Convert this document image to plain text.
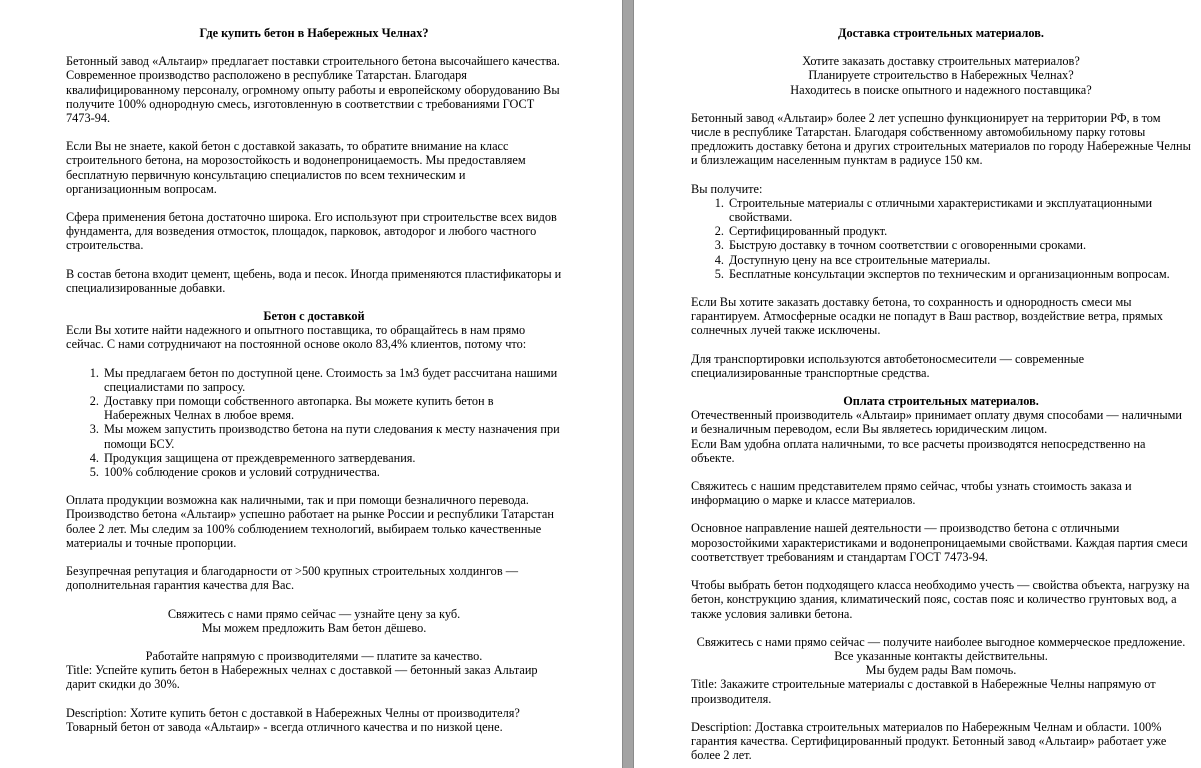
Где купить бетон в Набережных Челнах?

Бетонный завод «Альтаир» предлагает поставки строительного бетона высочайшего качества. Современное производство расположено в республике Татарстан. Благодаря квалифицированному персоналу, огромному опыту работы и европейскому оборудованию Вы получите 100% однородную смесь, изготовленную в соответствии с требованиями ГОСТ 7473-94.

Если Вы не знаете, какой бетон с доставкой заказать, то обратите внимание на класс строительного бетона, на морозостойкость и водонепроницаемость. Мы предоставляем бесплатную первичную консультацию специалистов по всем техническим и организационным вопросам.

Сфера применения бетона достаточно широка. Его используют при строительстве всех видов фундамента, для возведения отмосток, площадок, парковок, автодорог и любого частного строительства.

В состав бетона входит цемент, щебень, вода и песок. Иногда применяются пластификаторы и специализированные добавки.

Бетон с доставкой

Если Вы хотите найти надежного и опытного поставщика, то обращайтесь в нам прямо сейчас. С нами сотрудничают на постоянной основе около 83,4% клиентов, потому что:

1. Мы предлагаем бетон по доступной цене. Стоимость за 1м3 будет рассчитана нашими специалистами по запросу.
2. Доставку при помощи собственного автопарка. Вы можете купить бетон в Набережных Челнах в любое время.
3. Мы можем запустить производство бетона на пути следования к месту назначения при помощи БСУ.
4. Продукция защищена от преждевременного затвердевания.
5. 100% соблюдение сроков и условий сотрудничества.

Оплата продукции возможна как наличными, так и при помощи безналичного перевода. Производство бетона «Альтаир» успешно работает на рынке России и республики Татарстан более 2 лет. Мы следим за 100% соблюдением технологий, выбираем только качественные материалы и точные пропорции.

Безупречная репутация и благодарности от >500 крупных строительных холдингов — дополнительная гарантия качества для Вас.

Свяжитесь с нами прямо сейчас — узнайте цену за куб.

Мы можем предложить Вам бетон дёшево.

Работайте напрямую с производителями — платите за качество.

Title: Успейте купить бетон в Набережных челнах с доставкой — бетонный заказ Альтаир дарит скидки до 30%.

Description: Хотите купить бетон с доставкой в Набережных Челны от производителя? Товарный бетон от завода «Альтаир» - всегда отличного качества и по низкой цене.

Доставка строительных материалов.

Хотите заказать доставку строительных материалов?

Планируете строительство в Набережных Челнах?

Находитесь в поиске опытного и надежного поставщика?

Бетонный завод «Альтаир» более 2 лет успешно функционирует на территории РФ, в том числе в республике Татарстан. Благодаря собственному автомобильному парку готовы предложить доставку бетона и других строительных материалов по городу Набережные Челны и близлежащим населенным пунктам в радиусе 150 км.

Вы получите:

1. Строительные материалы с отличными характеристиками и эксплуатационными свойствами.
2. Сертифицированный продукт.
3. Быструю доставку в точном соответствии с оговоренными сроками.
4. Доступную цену на все строительные материалы.
5. Бесплатные консультации экспертов по техническим и организационным вопросам.

Если Вы хотите заказать доставку бетона, то сохранность и однородность смеси мы гарантируем. Атмосферные осадки не попадут в Ваш раствор, воздействие ветра, прямых солнечных лучей также исключены.

Для транспортировки используются автобетоносмесители — современные специализированные транспортные средства.

Оплата строительных материалов.

Отечественный производитель «Альтаир» принимает оплату двумя способами — наличными и безналичным переводом, если Вы являетесь юридическим лицом.

Если Вам удобна оплата наличными, то все расчеты производятся непосредственно на объекте.

Свяжитесь с нашим представителем прямо сейчас, чтобы узнать стоимость заказа и информацию о марке и классе материалов.

Основное направление нашей деятельности — производство бетона с отличными морозостойкими характеристиками и водонепроницаемыми свойствами. Каждая партия смеси соответствует требованиям и стандартам ГОСТ 7473-94.

Чтобы выбрать бетон подходящего класса необходимо учесть — свойства объекта, нагрузку на бетон, конструкцию здания, климатический пояс, состав пояс и количество грунтовых вод, а также условия заливки бетона.

Свяжитесь с нами прямо сейчас — получите наиболее выгодное коммерческое предложение.

Все указанные контакты действительны.

Мы будем рады Вам помочь.

Title: Закажите строительные материалы с доставкой в Набережные Челны напрямую от производителя.

Description: Доставка строительных материалов по Набережным Челнам и области. 100% гарантия качества. Сертифицированный продукт. Бетонный завод «Альтаир» работает уже более 2 лет.
